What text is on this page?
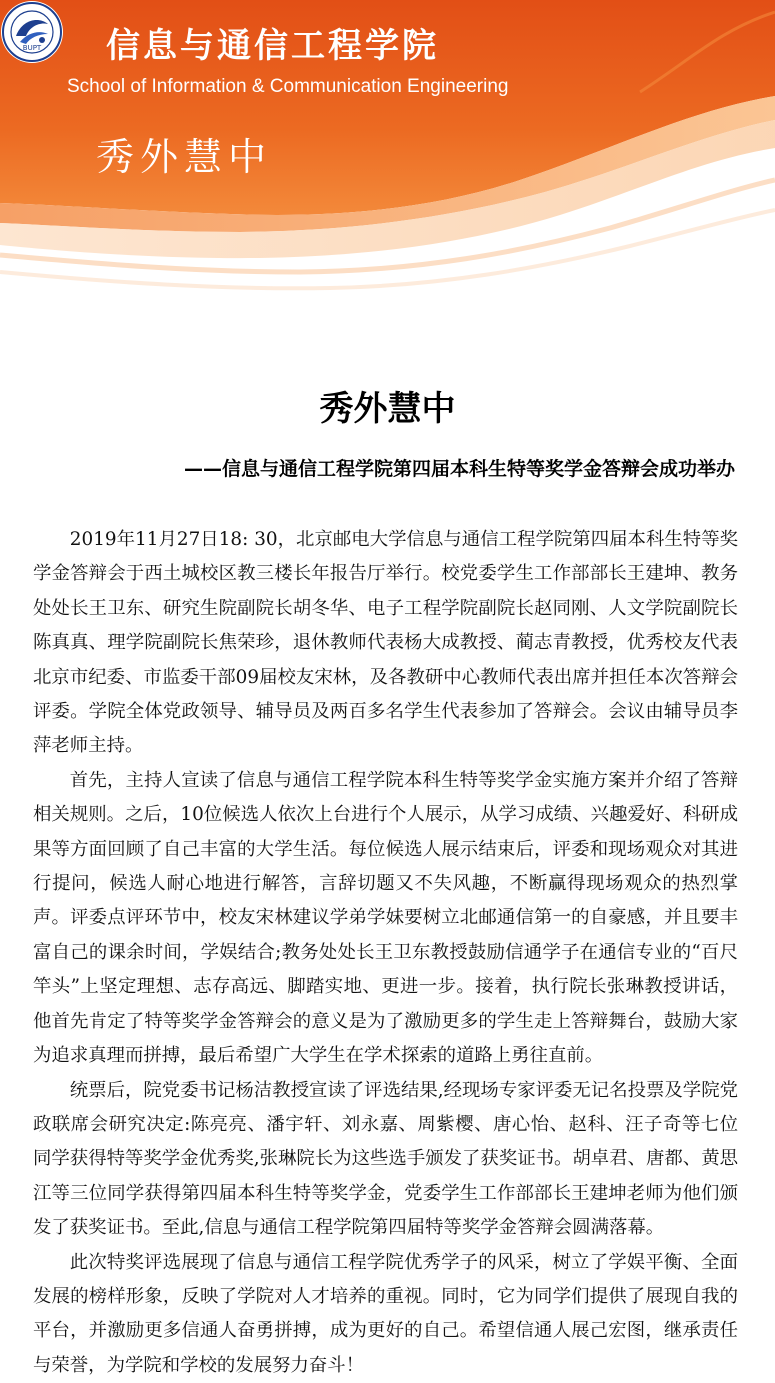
BUPT 信息与通信工程学院
School of Information & Communication Engineering
秀外慧中
秀外慧中
——信息与通信工程学院第四届本科生特等奖学金答辩会成功举办

2019年11月27日18: 30，北京邮电大学信息与通信工程学院第四届本科生特等奖学金答辩会于西土城校区教三楼长年报告厅举行。校党委学生工作部部长王建坤、教务处处长王卫东、研究生院副院长胡冬华、电子工程学院副院长赵同刚、人文学院副院长陈真真、理学院副院长焦荣珍，退休教师代表杨大成教授、蔺志青教授，优秀校友代表北京市纪委、市监委干部09届校友宋林，及各教研中心教师代表出席并担任本次答辩会评委。学院全体党政领导、辅导员及两百多名学生代表参加了答辩会。会议由辅导员李萍老师主持。

首先，主持人宣读了信息与通信工程学院本科生特等奖学金实施方案并介绍了答辩相关规则。之后，10位候选人依次上台进行个人展示，从学习成绩、兴趣爱好、科研成果等方面回顾了自己丰富的大学生活。每位候选人展示结束后，评委和现场观众对其进行提问，候选人耐心地进行解答，言辞切题又不失风趣，不断赢得现场观众的热烈掌声。评委点评环节中，校友宋林建议学弟学妹要树立北邮通信第一的自豪感，并且要丰富自己的课余时间，学娱结合;教务处处长王卫东教授鼓励信通学子在通信专业的“百尺竿头”上坚定理想、志存高远、脚踏实地、更进一步。接着，执行院长张琳教授讲话，他首先肯定了特等奖学金答辩会的意义是为了激励更多的学生走上答辩舞台，鼓励大家为追求真理而拼搏，最后希望广大学生在学术探索的道路上勇往直前。

统票后，院党委书记杨洁教授宣读了评选结果,经现场专家评委无记名投票及学院党政联席会研究决定:陈亮亮、潘宇轩、刘永嘉、周紫樱、唐心怡、赵科、汪子奇等七位同学获得特等奖学金优秀奖,张琳院长为这些选手颁发了获奖证书。胡卓君、唐都、黄思江等三位同学获得第四届本科生特等奖学金，党委学生工作部部长王建坤老师为他们颁发了获奖证书。至此,信息与通信工程学院第四届特等奖学金答辩会圆满落幕。

此次特奖评选展现了信息与通信工程学院优秀学子的风采，树立了学娱平衡、全面发展的榜样形象，反映了学院对人才培养的重视。同时，它为同学们提供了展现自我的平台，并激励更多信通人奋勇拼搏，成为更好的自己。希望信通人展己宏图，继承责任与荣誉，为学院和学校的发展努力奋斗！
